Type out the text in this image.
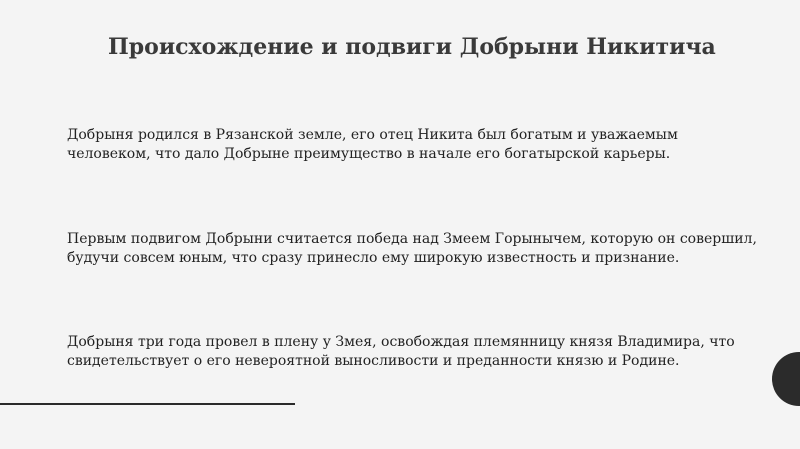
Происхождение и подвиги Добрыни Никитича

Добрыня родился в Рязанской земле, его отец Никита был богатым и уважаемым человеком, что дало Добрыне преимущество в начале его богатырской карьеры.

Первым подвигом Добрыни считается победа над Змеем Горынычем, которую он совершил, будучи совсем юным, что сразу принесло ему широкую известность и признание.

Добрыня три года провел в плену у Змея, освобождая племянницу князя Владимира, что свидетельствует о его невероятной выносливости и преданности князю и Родине.
